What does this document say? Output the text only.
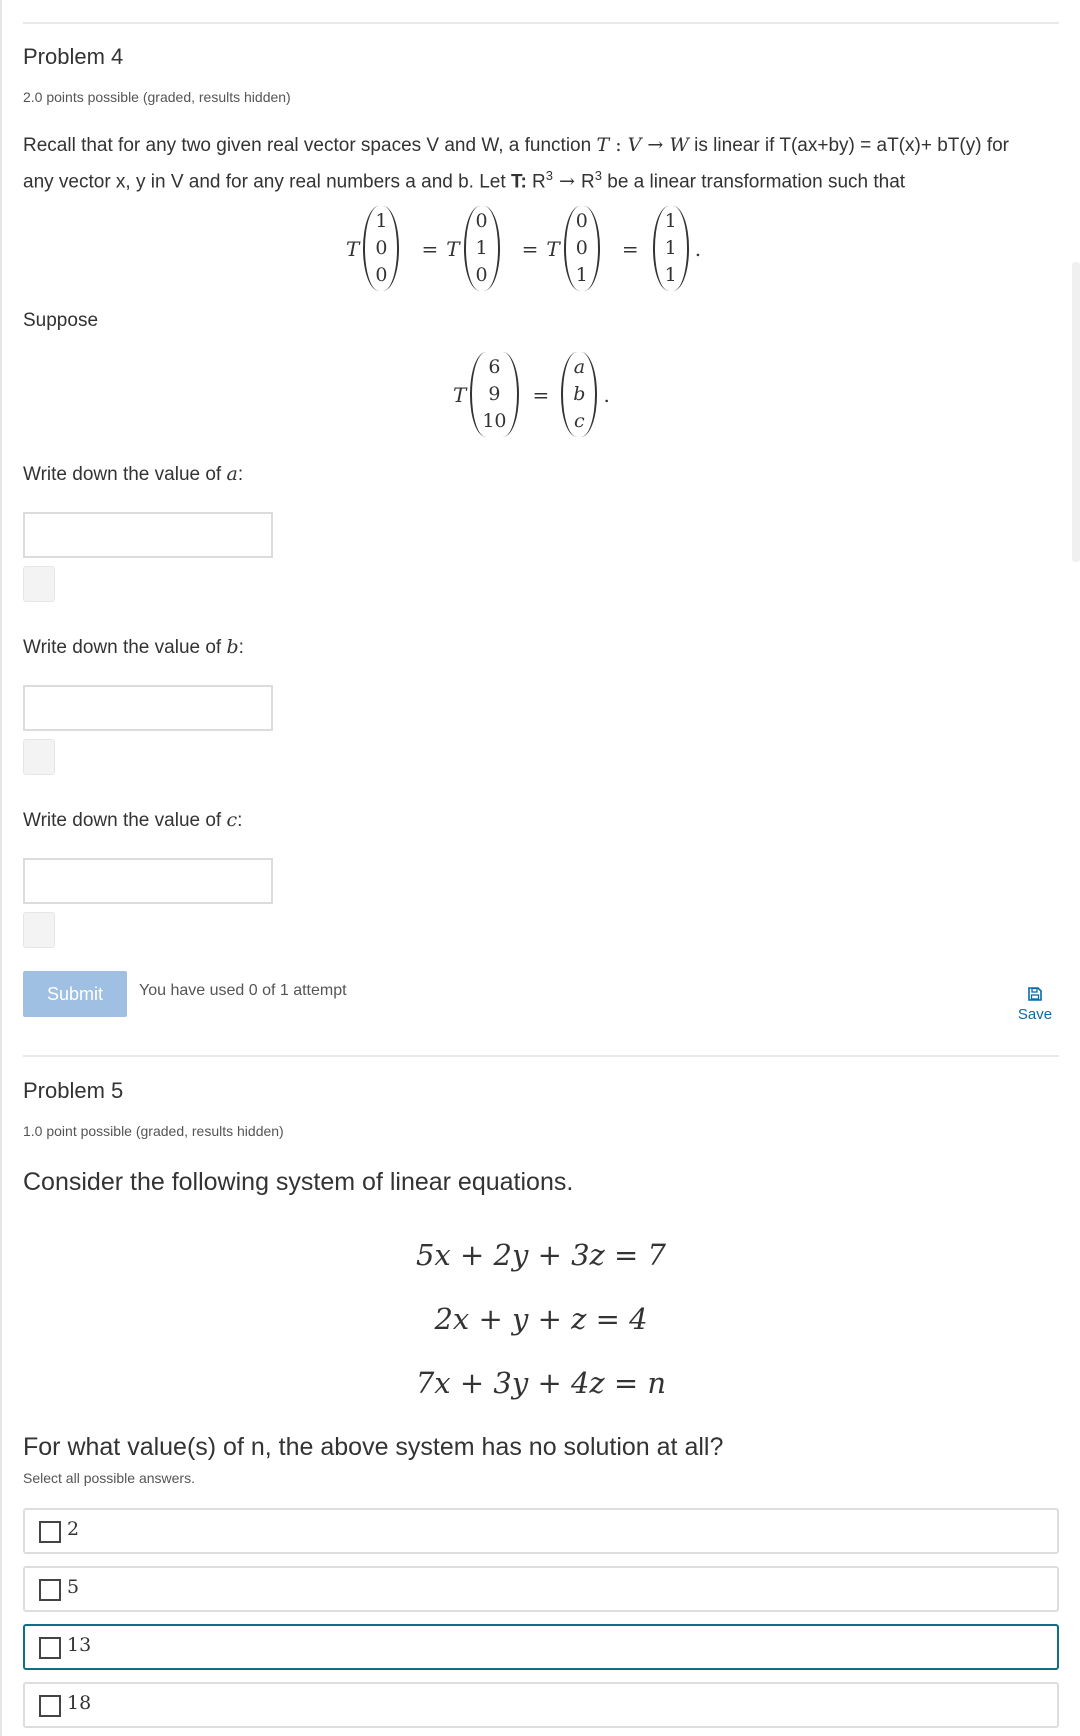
Problem 4
2.0 points possible (graded, results hidden)
Recall that for any two given real vector spaces V and W, a function T : V → W is linear if T(ax+by) = aT(x)+ bT(y) for
any vector x, y in V and for any real numbers a and b. Let T: $R^3 \to R^3$ be a linear transformation such that
T
1
0
0
= T
0
1
0
= T
0
0
1
=
1
1
1
.
Suppose
T
6
9
10
=
a
b
c
.
Write down the value of a:
Write down the value of b:
Write down the value of c:
Submit	You have used 0 of 1 attempt
Save
Problem 5
1.0 point possible (graded, results hidden)
Consider the following system of linear equations.
5x + 2y + 3z = 7
2x + y + z = 4
7x + 3y + 4z = n
For what value(s) of n, the above system has no solution at all?
Select all possible answers.
2
5
13
18
